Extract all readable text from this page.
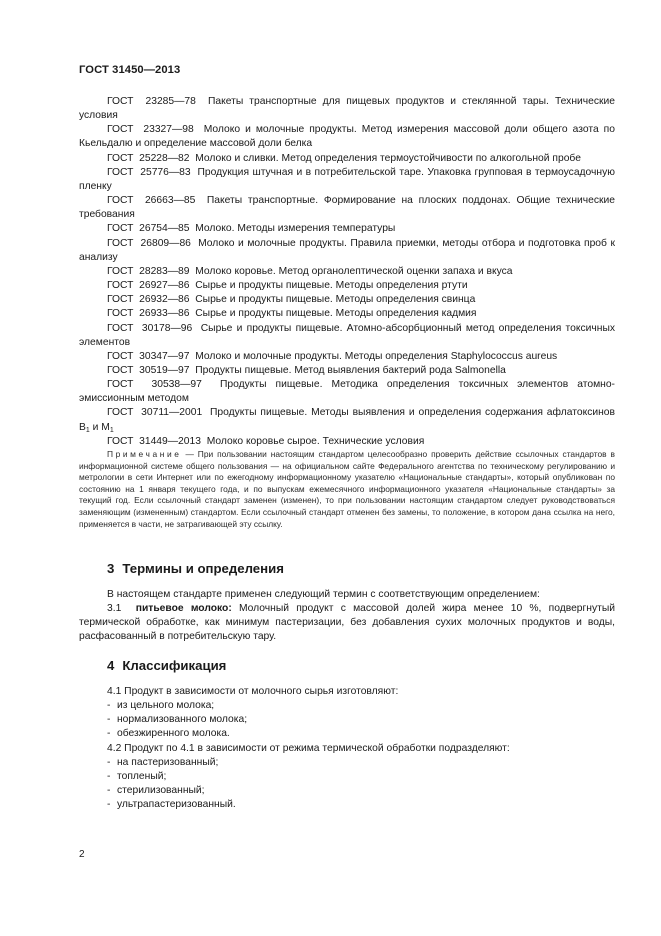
ГОСТ 31450—2013

ГОСТ  23285—78 Пакеты транспортные для пищевых продуктов и стеклянной тары. Технические условия

ГОСТ  23327—98 Молоко и молочные продукты. Метод измерения массовой доли общего азота по Кьельдалю и определение массовой доли белка

ГОСТ  25228—82 Молоко и сливки. Метод определения термоустойчивости по алкогольной пробе

ГОСТ  25776—83 Продукция штучная и в потребительской таре. Упаковка групповая в термоусадочную пленку

ГОСТ  26663—85 Пакеты транспортные. Формирование на плоских поддонах. Общие технические требования

ГОСТ  26754—85 Молоко. Методы измерения температуры

ГОСТ  26809—86 Молоко и молочные продукты. Правила приемки, методы отбора и подготовка проб к анализу

ГОСТ  28283—89 Молоко коровье. Метод органолептической оценки запаха и вкуса

ГОСТ  26927—86 Сырье и продукты пищевые. Методы определения ртути

ГОСТ  26932—86 Сырье и продукты пищевые. Методы определения свинца

ГОСТ  26933—86 Сырье и продукты пищевые. Методы определения кадмия

ГОСТ  30178—96 Сырье и продукты пищевые. Атомно-абсорбционный метод определения токсичных элементов

ГОСТ  30347—97 Молоко и молочные продукты. Методы определения Staphylococcus aureus

ГОСТ  30519—97 Продукты пищевые. Метод выявления бактерий рода Salmonella

ГОСТ  30538—97 Продукты пищевые. Методика определения токсичных элементов атомно-эмиссионным методом

ГОСТ  30711—2001 Продукты пищевые. Методы выявления и определения содержания афлатоксинов $B_1$ и $M_1$

ГОСТ  31449—2013 Молоко коровье сырое. Технические условия

Примечание — При пользовании настоящим стандартом целесообразно проверить действие ссылочных стандартов в информационной системе общего пользования — на официальном сайте Федерального агентства по техническому регулированию и метрологии в сети Интернет или по ежегодному информационному указателю «Национальные стандарты», который опубликован по состоянию на 1 января текущего года, и по выпускам ежемесячного информационного указателя «Национальные стандарты» за текущий год. Если ссылочный стандарт заменен (изменен), то при пользовании настоящим стандартом следует руководствоваться заменяющим (измененным) стандартом. Если ссылочный стандарт отменен без замены, то положение, в котором дана ссылка на него, применяется в части, не затрагивающей эту ссылку.
3 Термины и определения
В настоящем стандарте применен следующий термин с соответствующим определением:
3.1 питьевое молоко: Молочный продукт с массовой долей жира менее 10 %, подвергнутый термической обработке, как минимум пастеризации, без добавления сухих молочных продуктов и воды, расфасованный в потребительскую тару.
4 Классификация
4.1 Продукт в зависимости от молочного сырья изготовляют:
- из цельного молока;
- нормализованного молока;
- обезжиренного молока.
4.2 Продукт по 4.1 в зависимости от режима термической обработки подразделяют:
- на пастеризованный;
- топленый;
- стерилизованный;
- ультрапастеризованный.
2
